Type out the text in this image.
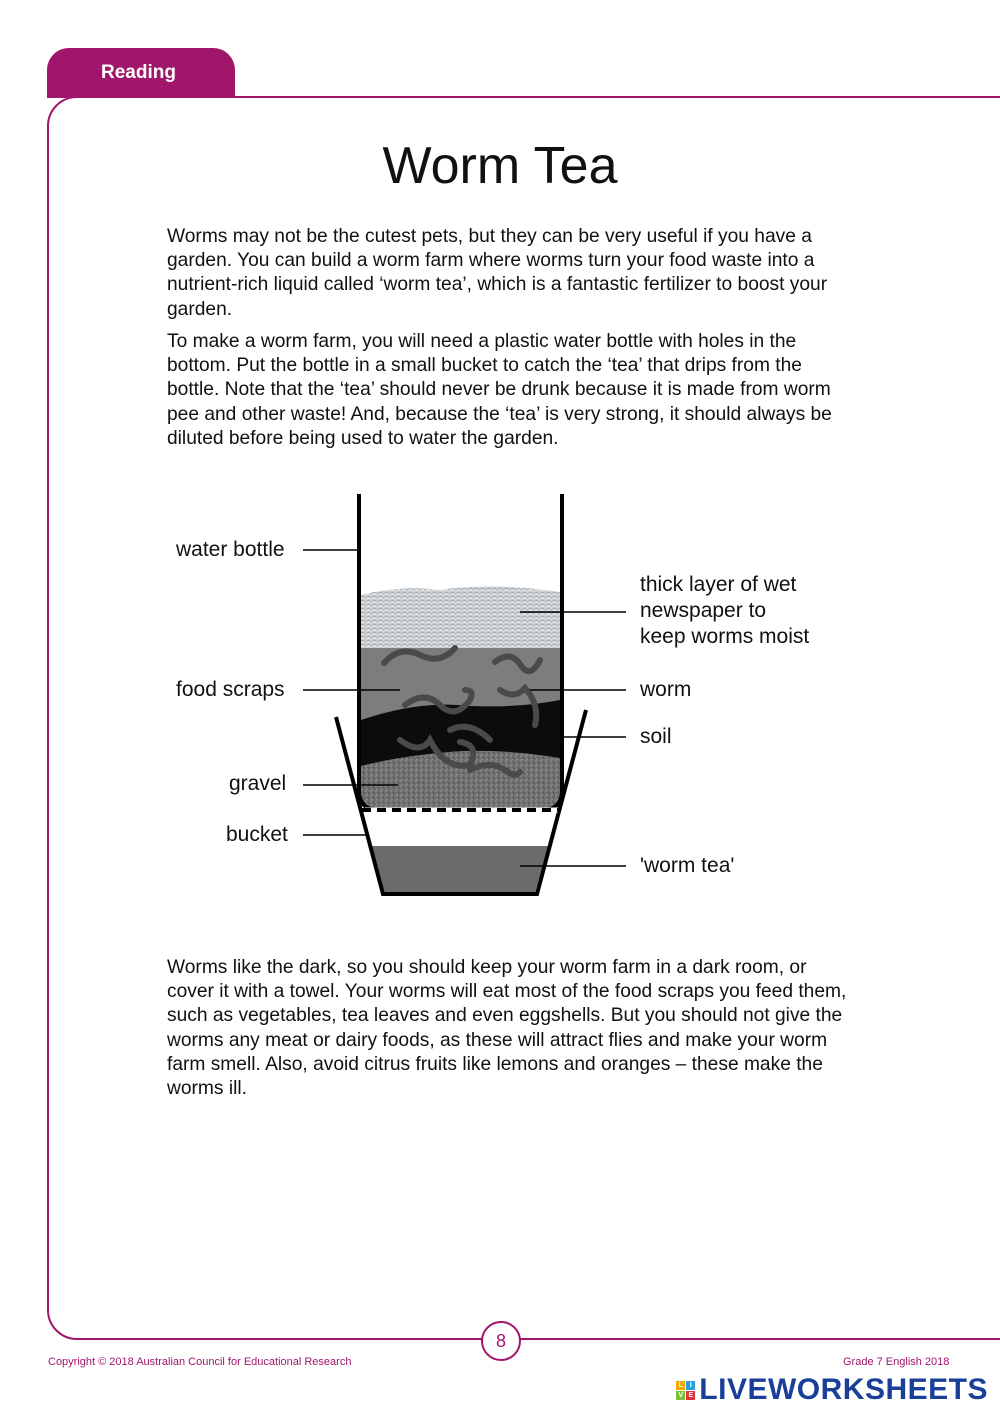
Reading
Worm Tea

Worms may not be the cutest pets, but they can be very useful if you have a garden. You can build a worm farm where worms turn your food waste into a nutrient-rich liquid called ‘worm tea’, which is a fantastic fertilizer to boost your garden.

To make a worm farm, you will need a plastic water bottle with holes in the bottom. Put the bottle in a small bucket to catch the ‘tea’ that drips from the bottle. Note that the ‘tea’ should never be drunk because it is made from worm pee and other waste! And, because the ‘tea’ is very strong, it should always be diluted before being used to water the garden.

water bottle
thick layer of wet
newspaper to
keep worms moist
food scraps	worm
soil
gravel
bucket
'worm tea'

Worms like the dark, so you should keep your worm farm in a dark room, or cover it with a towel. Your worms will eat most of the food scraps you feed them, such as vegetables, tea leaves and even eggshells. But you should not give the worms any meat or dairy foods, as these will attract flies and make your worm farm smell. Also, avoid citrus fruits like lemons and oranges – these make the worms ill.

8
Copyright © 2018 Australian Council for Educational Research	Grade 7 English 2018
L I
V E LIVEWORKSHEETS
